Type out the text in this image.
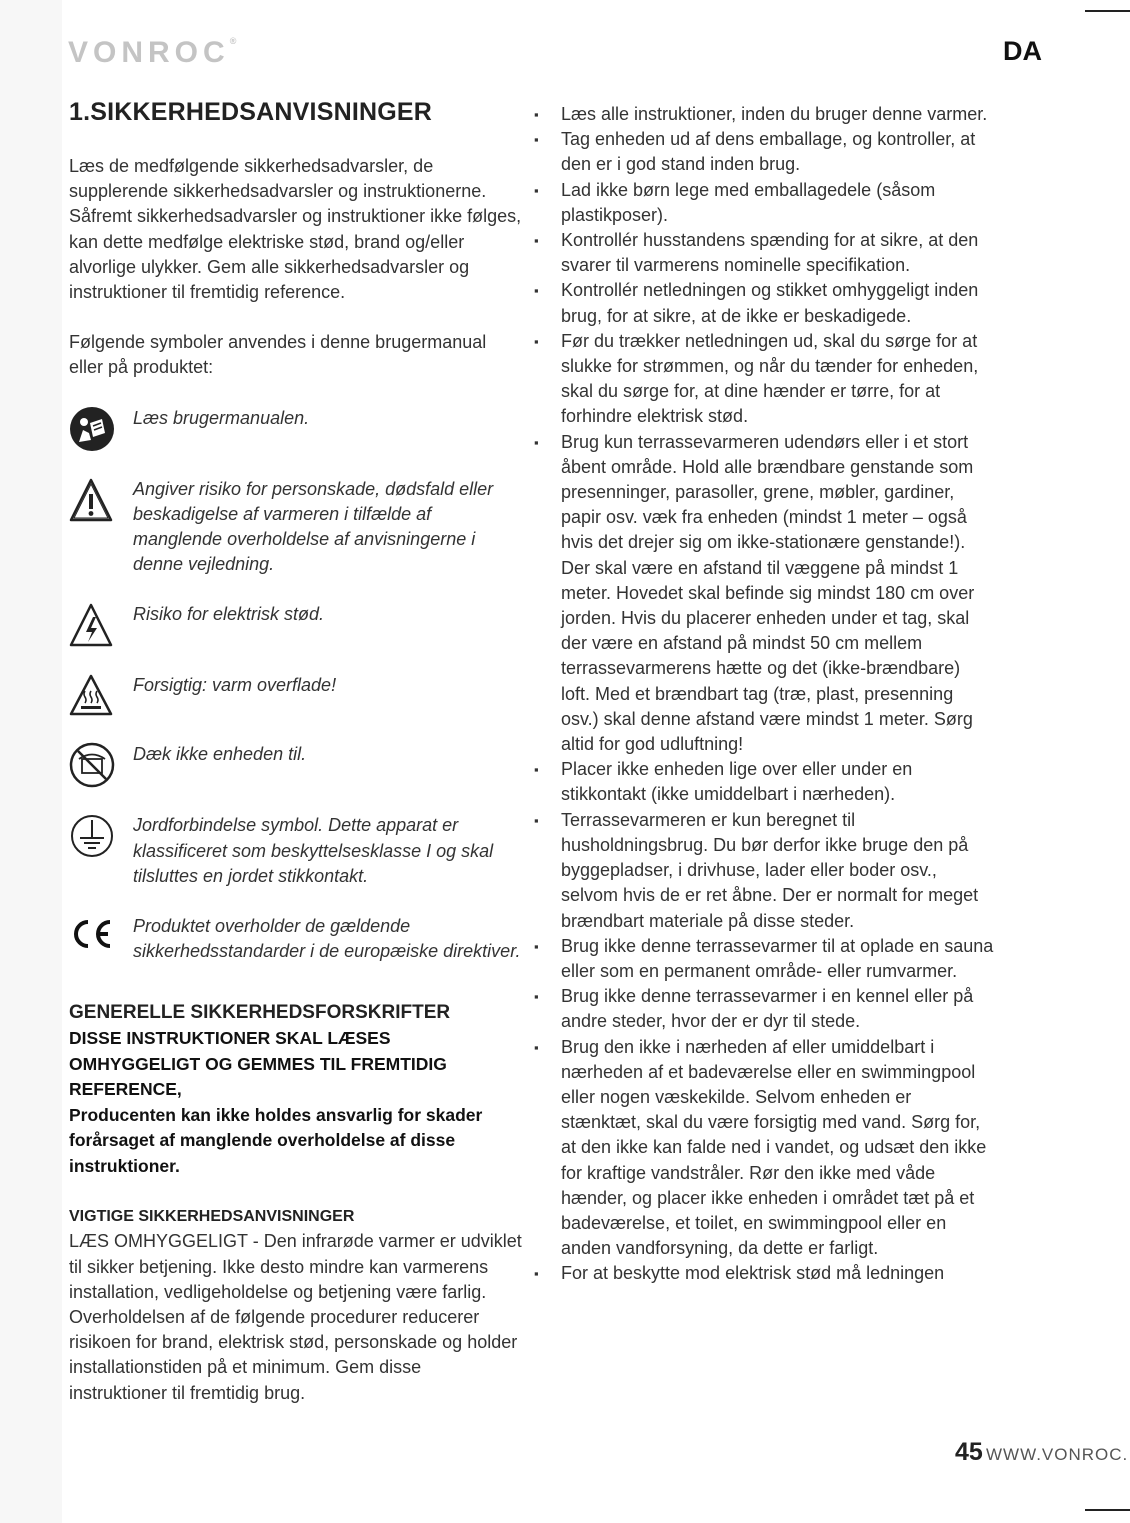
VONROC®	DA
1.SIKKERHEDSANVISNINGER

Læs de medfølgende sikkerhedsadvarsler, de supplerende sikkerhedsadvarsler og instruktionerne. Såfremt sikkerhedsadvarsler og instruktioner ikke følges, kan dette medfølge elektriske stød, brand og/eller alvorlige ulykker. Gem alle sikkerhedsadvarsler og instruktioner til fremtidig reference.

Følgende symboler anvendes i denne brugermanual eller på produktet:

Læs brugermanualen.
Angiver risiko for personskade, dødsfald eller beskadigelse af varmeren i tilfælde af manglende overholdelse af anvisningerne i denne vejledning.
Risiko for elektrisk stød.
Forsigtig: varm overflade!
Dæk ikke enheden til.
Jordforbindelse symbol. Dette apparat er klassificeret som beskyttelsesklasse I og skal tilsluttes en jordet stikkontakt.
Produktet overholder de gældende sikkerhedsstandarder i de europæiske direktiver.
GENERELLE SIKKERHEDSFORSKRIFTER

DISSE INSTRUKTIONER SKAL LÆSES OMHYGGELIGT OG GEMMES TIL FREMTIDIG REFERENCE,

Producenten kan ikke holdes ansvarlig for skader forårsaget af manglende overholdelse af disse instruktioner.

VIGTIGE SIKKERHEDSANVISNINGER

LÆS OMHYGGELIGT - Den infrarøde varmer er udviklet til sikker betjening. Ikke desto mindre kan varmerens installation, vedligeholdelse og betjening være farlig. Overholdelsen af de følgende procedurer reducerer risikoen for brand, elektrisk stød, personskade og holder installationstiden på et minimum. Gem disse instruktioner til fremtidig brug.

▪ Læs alle instruktioner, inden du bruger denne varmer.
▪ Tag enheden ud af dens emballage, og kontroller, at den er i god stand inden brug.
▪ Lad ikke børn lege med emballagedele (såsom plastikposer).
▪ Kontrollér husstandens spænding for at sikre, at den svarer til varmerens nominelle specifikation.
▪ Kontrollér netledningen og stikket omhyggeligt inden brug, for at sikre, at de ikke er beskadigede.
▪ Før du trækker netledningen ud, skal du sørge for at slukke for strømmen, og når du tænder for enheden, skal du sørge for, at dine hænder er tørre, for at forhindre elektrisk stød.
▪ Brug kun terrassevarmeren udendørs eller i et stort åbent område. Hold alle brændbare genstande som presenninger, parasoller, grene, møbler, gardiner, papir osv. væk fra enheden (mindst 1 meter – også hvis det drejer sig om ikke-stationære genstande!). Der skal være en afstand til væggene på mindst 1 meter. Hovedet skal befinde sig mindst 180 cm over jorden. Hvis du placerer enheden under et tag, skal der være en afstand på mindst 50 cm mellem terrassevarmerens hætte og det (ikke-brændbare) loft. Med et brændbart tag (træ, plast, presenning osv.) skal denne afstand være mindst 1 meter. Sørg altid for god udluftning!
▪ Placer ikke enheden lige over eller under en stikkontakt (ikke umiddelbart i nærheden).
▪ Terrassevarmeren er kun beregnet til husholdningsbrug. Du bør derfor ikke bruge den på byggepladser, i drivhuse, lader eller boder osv., selvom hvis de er ret åbne. Der er normalt for meget brændbart materiale på disse steder.
▪ Brug ikke denne terrassevarmer til at oplade en sauna eller som en permanent område- eller rumvarmer.
▪ Brug ikke denne terrassevarmer i en kennel eller på andre steder, hvor der er dyr til stede.
▪ Brug den ikke i nærheden af eller umiddelbart i nærheden af et badeværelse eller en swimmingpool eller nogen væskekilde. Selvom enheden er stænktæt, skal du være forsigtig med vand. Sørg for, at den ikke kan falde ned i vandet, og udsæt den ikke for kraftige vandstråler. Rør den ikke med våde hænder, og placer ikke enheden i området tæt på et badeværelse, et toilet, en swimmingpool eller en anden vandforsyning, da dette er farligt.
▪ For at beskytte mod elektrisk stød må ledningen
45 WWW.VONROC.
